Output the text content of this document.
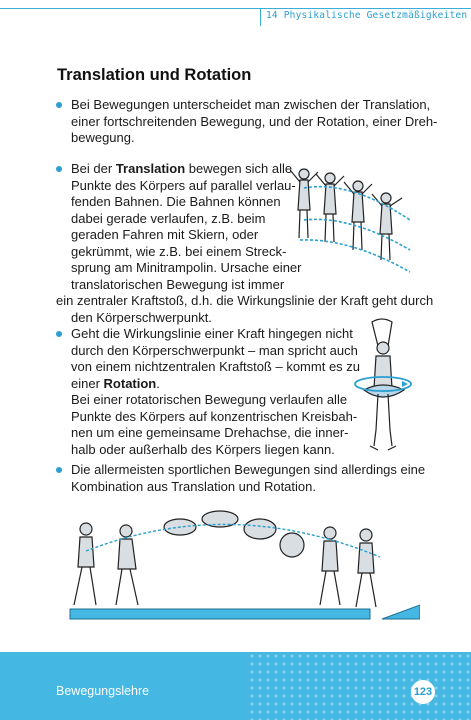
14 Physikalische Gesetzmäßigkeiten
Translation und Rotation

Bei Bewegungen unterscheidet man zwischen der Translation,

einer fortschreitenden Bewegung, und der Rotation, einer Dreh-

bewegung.

Bei der Translation bewegen sich alle

Punkte des Körpers auf parallel verlau-

fenden Bahnen. Die Bahnen können

dabei gerade verlaufen, z.B. beim

geraden Fahren mit Skiern, oder

gekrümmt, wie z.B. bei einem Streck-

sprung am Minitrampolin. Ursache einer

translatorischen Bewegung ist immer

ein zentraler Kraftstoß, d.h. die Wirkungslinie der Kraft geht durch

den Körperschwerpunkt.

Geht die Wirkungslinie einer Kraft hingegen nicht

durch den Körperschwerpunkt – man spricht auch

von einem nichtzentralen Kraftstoß – kommt es zu

einer Rotation.

Bei einer rotatorischen Bewegung verlaufen alle

Punkte des Körpers auf konzentrischen Kreisbah-

nen um eine gemeinsame Drehachse, die inner-

halb oder außerhalb des Körpers liegen kann.

Die allermeisten sportlichen Bewegungen sind allerdings eine

Kombination aus Translation und Rotation.

Bewegungslehre	123
